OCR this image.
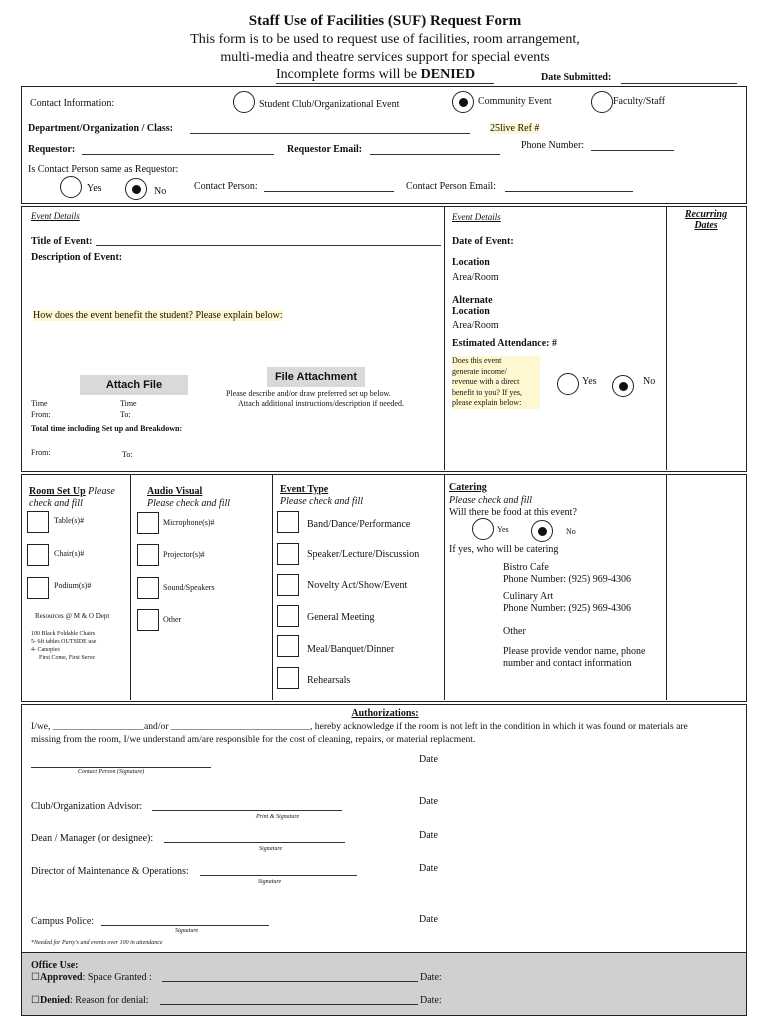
Staff Use of Facilities (SUF) Request Form
This form is to be used to request use of facilities, room arrangement,
multi-media and theatre services support for special events
Incomplete forms will be DENIED	Date Submitted:
Contact Information:	Student Club/Organizational Event	Community Event	Faculty/Staff
Department/Organization / Class:	25live Ref #
Requestor:	Requestor Email:	Phone Number:
Is Contact Person same as Requestor:
Yes	No	Contact Person:	Contact Person Email:
Event Details
Title of Event:
Description of Event:
How does the event benefit the student? Please explain below:
File Attachment
Attach File
Please describe and/or draw preferred set up below.
Attach additional instructions/description if needed.
Time	Time
From:	To:
Total time including Set up and Breakdown:
From:	To:
Event Details
Date of Event:
Location
Area/Room
Alternate
Location
Area/Room
Estimated Attendance: #
Does this event
generate income/
revenue with a direct
benefit to you? If yes,
please explain below:
Yes	No
Recurring
Dates
Room Set Up Please
check and fill
Table(s)#
Chair(s)#
Podium(s)#
Resources @ M & O Dept
100 Black Foldable Chairs
5- 6ft tables OUTSIDE use
4- Canopies
First Come, First Serve
Audio Visual
Please check and fill
Microphone(s)#
Projector(s)#
Sound/Speakers
Other
Event Type
Please check and fill
Band/Dance/Performance
Speaker/Lecture/Discussion
Novelty Act/Show/Event
General Meeting
Meal/Banquet/Dinner
Rehearsals
Catering
Please check and fill
Will there be food at this event?
Yes	No
If yes, who will be catering
Bistro Cafe
Phone Number: (925) 969-4306
Culinary Art
Phone Number: (925) 969-4306
Other
Please provide vendor name, phone
number and contact information
Authorizations:
I/we, ___________________and/or _____________________________, hereby acknowledge if the room is not left in the condition in which it was found or materials are
missing from the room, I/we understand am/are responsible for the cost of cleaning, repairs, or material replacment.
Contact Person (Signature)
Date
Club/Organization Advisor:
Print & Signature
Date
Dean / Manager (or designee):
Signature
Date
Director of Maintenance & Operations:
Signature
Date
Campus Police:
Signature
Date
*Needed for Party's and events over 100 in attendance
Office Use:
☐Approved: Space Granted :	Date:
☐Denied: Reason for denial:	Date:
